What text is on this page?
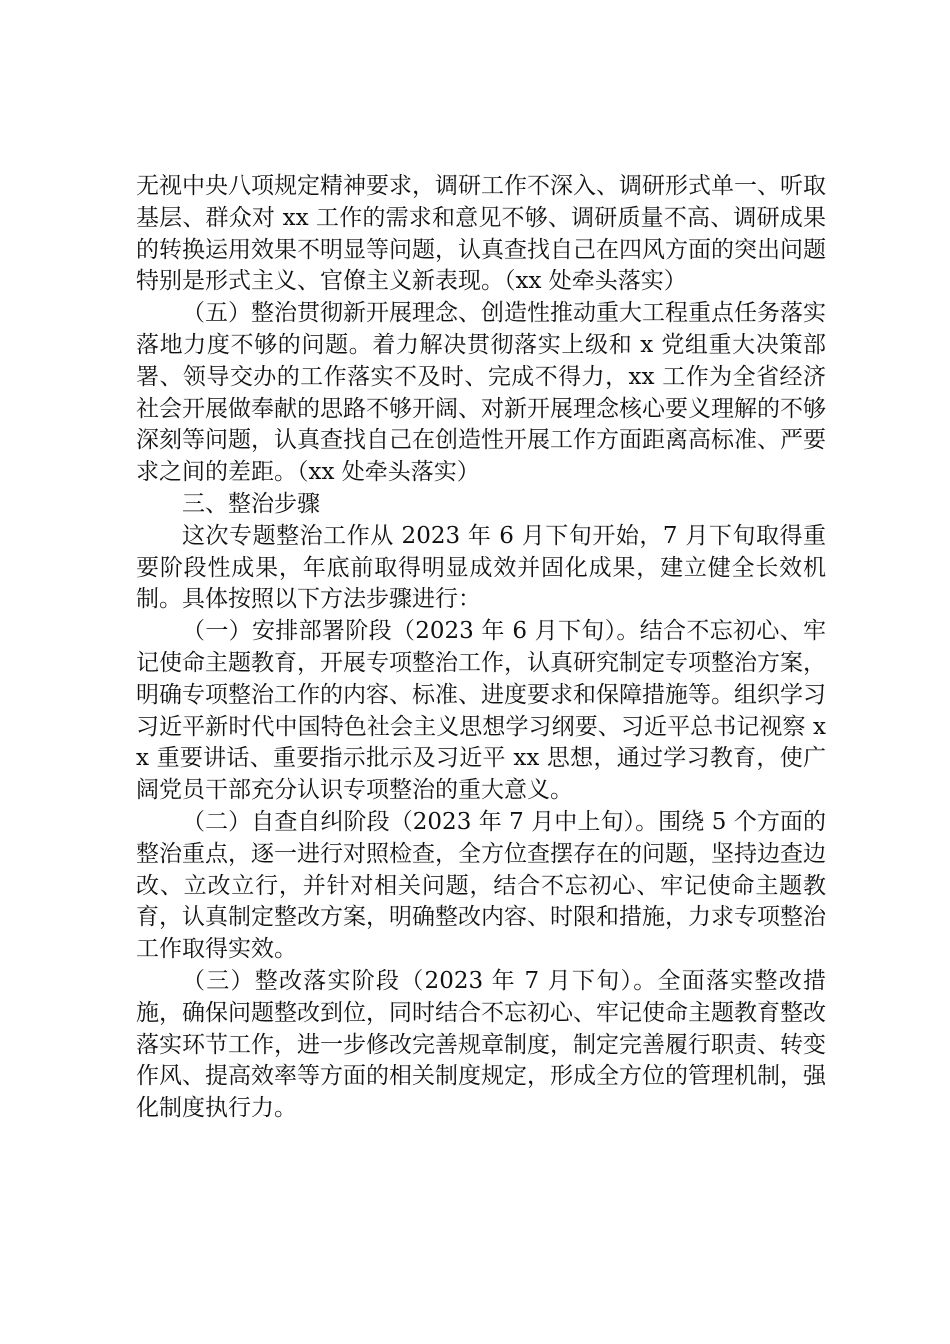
无视中央八项规定精神要求，调研工作不深入、调研形式单一、听取基层、群众对 xx 工作的需求和意见不够、调研质量不高、调研成果的转换运用效果不明显等问题，认真查找自己在四风方面的突出问题特别是形式主义、官僚主义新表现。（xx 处牵头落实）

（五）整治贯彻新开展理念、创造性推动重大工程重点任务落实落地力度不够的问题。着力解决贯彻落实上级和 x 党组重大决策部署、领导交办的工作落实不及时、完成不得力，xx 工作为全省经济社会开展做奉献的思路不够开阔、对新开展理念核心要义理解的不够深刻等问题，认真查找自己在创造性开展工作方面距离高标准、严要求之间的差距。（xx 处牵头落实）

三、整治步骤

这次专题整治工作从 2023 年 6 月下旬开始，7 月下旬取得重要阶段性成果，年底前取得明显成效并固化成果，建立健全长效机制。具体按照以下方法步骤进行：

（一）安排部署阶段（2023 年 6 月下旬）。结合不忘初心、牢记使命主题教育，开展专项整治工作，认真研究制定专项整治方案，明确专项整治工作的内容、标准、进度要求和保障措施等。组织学习习近平新时代中国特色社会主义思想学习纲要、习近平总书记视察 xx 重要讲话、重要指示批示及习近平 xx 思想，通过学习教育，使广阔党员干部充分认识专项整治的重大意义。

（二）自查自纠阶段（2023 年 7 月中上旬）。围绕 5 个方面的整治重点，逐一进行对照检查，全方位查摆存在的问题，坚持边查边改、立改立行，并针对相关问题，结合不忘初心、牢记使命主题教育，认真制定整改方案，明确整改内容、时限和措施，力求专项整治工作取得实效。

（三）整改落实阶段（2023 年 7 月下旬）。全面落实整改措施，确保问题整改到位，同时结合不忘初心、牢记使命主题教育整改落实环节工作，进一步修改完善规章制度，制定完善履行职责、转变作风、提高效率等方面的相关制度规定，形成全方位的管理机制，强化制度执行力。
